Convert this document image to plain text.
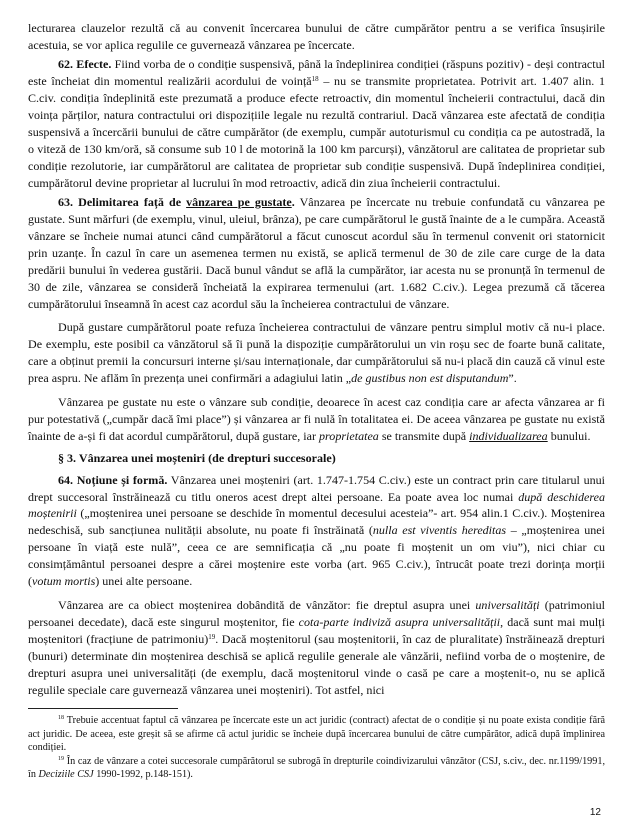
lecturarea clauzelor rezultă că au convenit încercarea bunului de către cumpărător pentru a se verifica însușirile acestuia, se vor aplica regulile ce guvernează vânzarea pe încercate.

62. Efecte. Fiind vorba de o condiție suspensivă, până la îndeplinirea condiției (răspuns pozitiv) - deși contractul este încheiat din momentul realizării acordului de voință$^{18}$ – nu se transmite proprietatea. Potrivit art. 1.407 alin. 1 C.civ. condiția îndeplinită este prezumată a produce efecte retroactiv, din momentul încheierii contractului, dacă din voința părților, natura contractului ori dispozițiile legale nu rezultă contrariul. Dacă vânzarea este afectată de condiția suspensivă a încercării bunului de către cumpărător (de exemplu, cumpăr autoturismul cu condiția ca pe autostradă, la o viteză de 130 km/oră, să consume sub 10 l de motorină la 100 km parcurși), vânzătorul are calitatea de proprietar sub condiție rezolutorie, iar cumpărătorul are calitatea de proprietar sub condiție suspensivă. După îndeplinirea condiției, cumpărătorul devine proprietar al lucrului în mod retroactiv, adică din ziua încheierii contractului.

63. Delimitarea față de vânzarea pe gustate. Vânzarea pe încercate nu trebuie confundată cu vânzarea pe gustate. Sunt mărfuri (de exemplu, vinul, uleiul, brânza), pe care cumpărătorul le gustă înainte de a le cumpăra. Această vânzare se încheie numai atunci când cumpărătorul a făcut cunoscut acordul său în termenul convenit ori statornicit prin uzanțe. În cazul în care un asemenea termen nu există, se aplică termenul de 30 de zile care curge de la data predării bunului în vederea gustării. Dacă bunul vândut se află la cumpărător, iar acesta nu se pronunță în termenul de 30 de zile, vânzarea se consideră încheiată la expirarea termenului (art. 1.682 C.civ.). Legea prezumă că tăcerea cumpărătorului înseamnă în acest caz acordul său la încheierea contractului de vânzare.

După gustare cumpărătorul poate refuza încheierea contractului de vânzare pentru simplul motiv că nu-i place. De exemplu, este posibil ca vânzătorul să îi pună la dispoziție cumpărătorului un vin roșu sec de foarte bună calitate, care a obținut premii la concursuri interne și/sau internaționale, dar cumpărătorului să nu-i placă din cauză că vinul este prea aspru. Ne aflăm în prezența unei confirmări a adagiului latin „de gustibus non est disputandum”.

Vânzarea pe gustate nu este o vânzare sub condiție, deoarece în acest caz condiția care ar afecta vânzarea ar fi pur potestativă („cumpăr dacă îmi place”) și vânzarea ar fi nulă în totalitatea ei. De aceea vânzarea pe gustate nu există înainte de a-și fi dat acordul cumpărătorul, după gustare, iar proprietatea se transmite după individualizarea bunului.

§ 3. Vânzarea unei moșteniri (de drepturi succesorale)

64. Noțiune și formă. Vânzarea unei moșteniri (art. 1.747-1.754 C.civ.) este un contract prin care titularul unui drept succesoral înstrăinează cu titlu oneros acest drept altei persoane. Ea poate avea loc numai după deschiderea moștenirii („moștenirea unei persoane se deschide în momentul decesului acesteia”- art. 954 alin.1 C.civ.). Moștenirea nedeschisă, sub sancțiunea nulității absolute, nu poate fi înstrăinată (nulla est viventis hereditas – „moștenirea unei persoane în viață este nulă”, ceea ce are semnificația că „nu poate fi moștenit un om viu”), nici chiar cu consimțământul persoanei despre a cărei moștenire este vorba (art. 965 C.civ.), întrucât poate trezi dorința morții (votum mortis) unei alte persoane.

Vânzarea are ca obiect moștenirea dobândită de vânzător: fie dreptul asupra unei universalități (patrimoniul persoanei decedate), dacă este singurul moștenitor, fie cota-parte indiviză asupra universalității, dacă sunt mai mulți moștenitori (fracțiune de patrimoniu)$^{19}$. Dacă moștenitorul (sau moștenitorii, în caz de pluralitate) înstrăinează drepturi (bunuri) determinate din moștenirea deschisă se aplică regulile generale ale vânzării, nefiind vorba de o moștenire, de drepturi asupra unei universalități (de exemplu, dacă moștenitorul vinde o casă pe care a moștenit-o, nu se aplică regulile speciale care guvernează vânzarea unei moșteniri). Tot astfel, nici

$^{18}$ Trebuie accentuat faptul că vânzarea pe încercate este un act juridic (contract) afectat de o condiție și nu poate exista condiție fără act juridic. De aceea, este greșit să se afirme că actul juridic se încheie după încercarea bunului de către cumpărător, adică după împlinirea condiției.

$^{19}$ În caz de vânzare a cotei succesorale cumpărătorul se subrogă în drepturile coindivizarului vânzător (CSJ, s.civ., dec. nr.1199/1991, în Deciziile CSJ 1990-1992, p.148-151).

12
